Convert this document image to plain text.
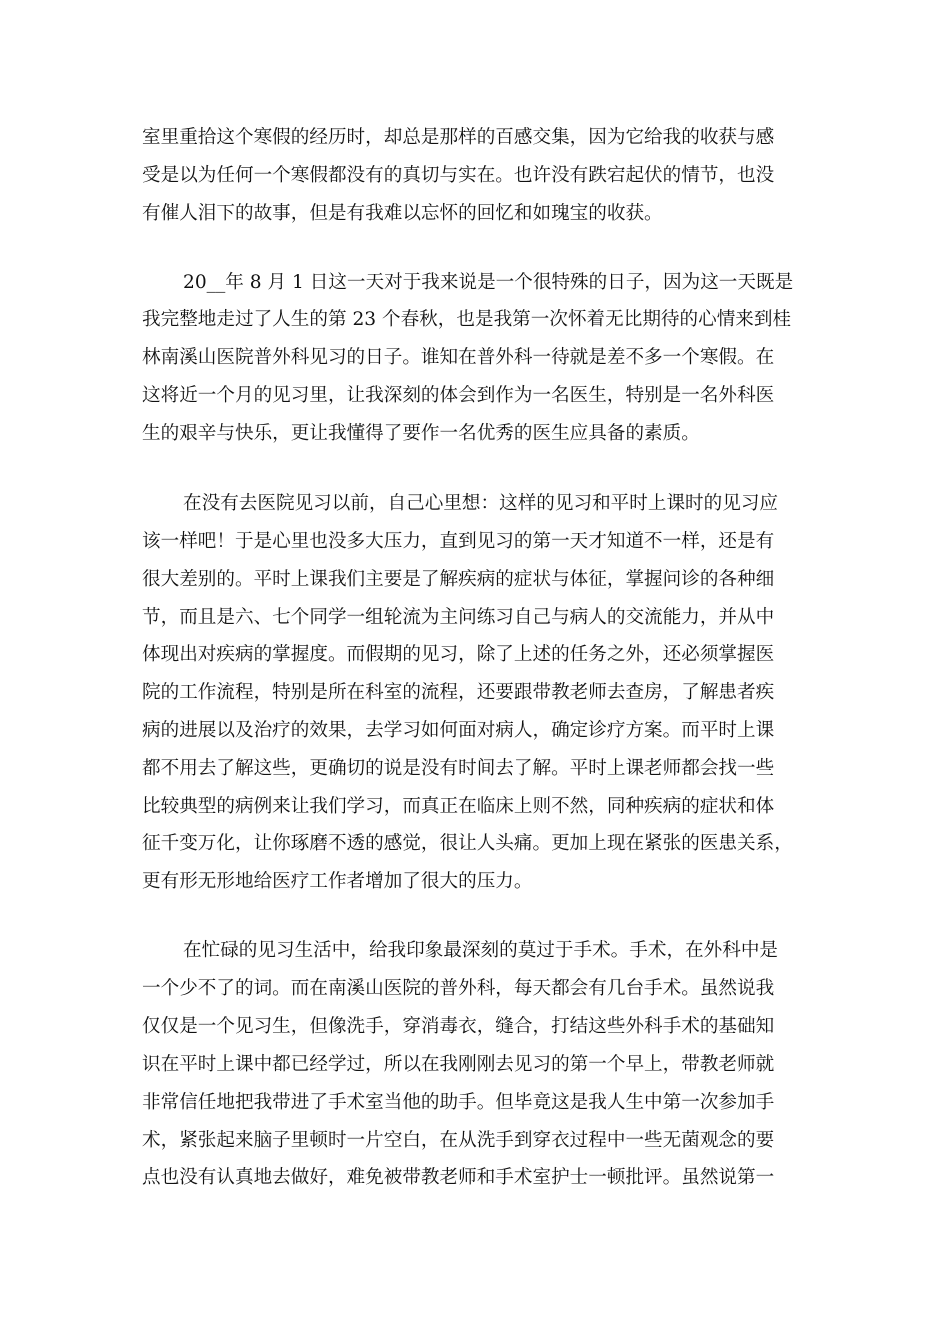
室里重拾这个寒假的经历时，却总是那样的百感交集，因为它给我的收获与感
受是以为任何一个寒假都没有的真切与实在。也许没有跌宕起伏的情节，也没
有催人泪下的故事，但是有我难以忘怀的回忆和如瑰宝的收获。
20__年 8 月 1 日这一天对于我来说是一个很特殊的日子，因为这一天既是
我完整地走过了人生的第 23 个春秋，也是我第一次怀着无比期待的心情来到桂
林南溪山医院普外科见习的日子。谁知在普外科一待就是差不多一个寒假。在
这将近一个月的见习里，让我深刻的体会到作为一名医生，特别是一名外科医
生的艰辛与快乐，更让我懂得了要作一名优秀的医生应具备的素质。
在没有去医院见习以前，自己心里想：这样的见习和平时上课时的见习应
该一样吧！于是心里也没多大压力，直到见习的第一天才知道不一样，还是有
很大差别的。平时上课我们主要是了解疾病的症状与体征，掌握问诊的各种细
节，而且是六、七个同学一组轮流为主问练习自己与病人的交流能力，并从中
体现出对疾病的掌握度。而假期的见习，除了上述的任务之外，还必须掌握医
院的工作流程，特别是所在科室的流程，还要跟带教老师去查房，了解患者疾
病的进展以及治疗的效果，去学习如何面对病人，确定诊疗方案。而平时上课
都不用去了解这些，更确切的说是没有时间去了解。平时上课老师都会找一些
比较典型的病例来让我们学习，而真正在临床上则不然，同种疾病的症状和体
征千变万化，让你琢磨不透的感觉，很让人头痛。更加上现在紧张的医患关系，
更有形无形地给医疗工作者增加了很大的压力。
在忙碌的见习生活中，给我印象最深刻的莫过于手术。手术，在外科中是
一个少不了的词。而在南溪山医院的普外科，每天都会有几台手术。虽然说我
仅仅是一个见习生，但像洗手，穿消毒衣，缝合，打结这些外科手术的基础知
识在平时上课中都已经学过，所以在我刚刚去见习的第一个早上，带教老师就
非常信任地把我带进了手术室当他的助手。但毕竟这是我人生中第一次参加手
术，紧张起来脑子里顿时一片空白，在从洗手到穿衣过程中一些无菌观念的要
点也没有认真地去做好，难免被带教老师和手术室护士一顿批评。虽然说第一
